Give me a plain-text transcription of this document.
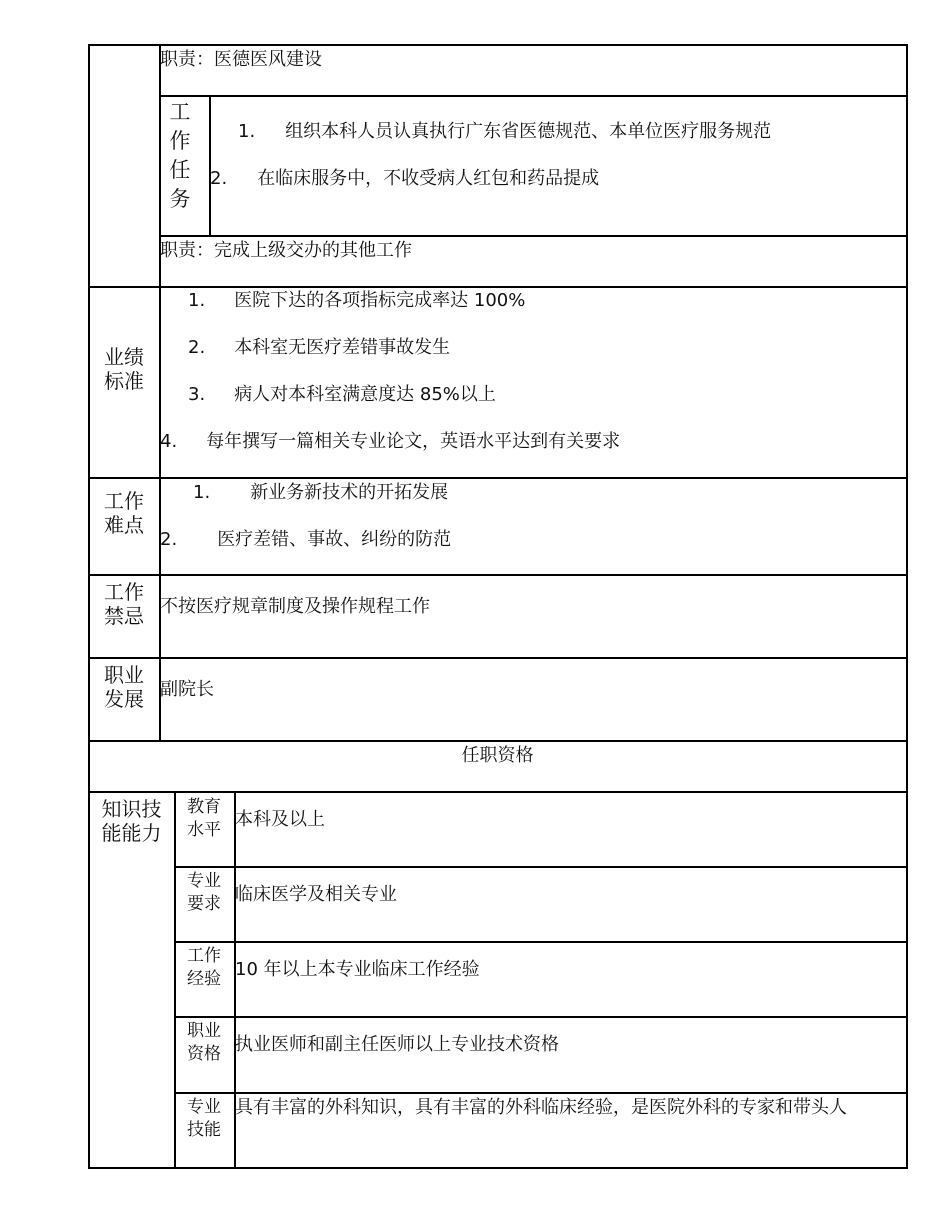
职责：医德医风建设
工
作
任
务
1. 组织本科人员认真执行广东省医德规范、本单位医疗服务规范
2. 在临床服务中，不收受病人红包和药品提成
职责：完成上级交办的其他工作
业绩
标准
1. 医院下达的各项指标完成率达 100%
2. 本科室无医疗差错事故发生
3. 病人对本科室满意度达 85%以上
4. 每年撰写一篇相关专业论文，英语水平达到有关要求
工作
难点
1. 新业务新技术的开拓发展
2. 医疗差错、事故、纠纷的防范
工作
禁忌 不按医疗规章制度及操作规程工作
职业
发展 副院长
任职资格
知识技
能能力
教育
水平 本科及以上
专业
要求 临床医学及相关专业
工作
经验 10 年以上本专业临床工作经验
职业
资格 执业医师和副主任医师以上专业技术资格
专业
技能
具有丰富的外科知识，具有丰富的外科临床经验，是医院外科的专家和带头人
